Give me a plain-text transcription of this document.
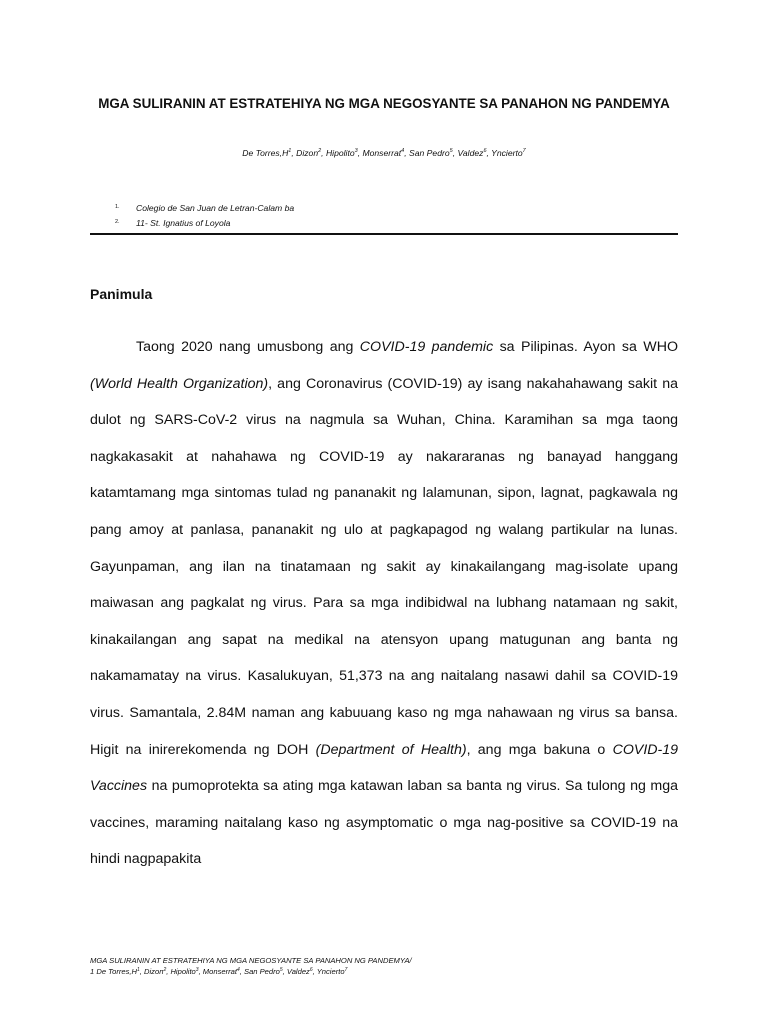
MGA SULIRANIN AT ESTRATEHIYA NG MGA NEGOSYANTE SA PANAHON NG PANDEMYA
De $Torres,H^1$, Dizon$^2$, Hipolito$^3$, Monserrat$^4$, San Pedro$^5$, Valdez$^6$, Yncierto$^7$
1. Colegio de San Juan de Letran-Calam ba
2. 11- St. Ignatius of Loyola
Panimula

Taong 2020 nang umusbong ang COVID-19 pandemic sa Pilipinas. Ayon sa WHO (World Health Organization), ang Coronavirus (COVID-19) ay isang nakahahawang sakit na dulot ng SARS-CoV-2 virus na nagmula sa Wuhan, China. Karamihan sa mga taong nagkakasakit at nahahawa ng COVID-19 ay nakararanas ng banayad hanggang katamtamang mga sintomas tulad ng pananakit ng lalamunan, sipon, lagnat, pagkawala ng pang amoy at panlasa, pananakit ng ulo at pagkapagod ng walang partikular na lunas. Gayunpaman, ang ilan na tinatamaan ng sakit ay kinakailangang mag-isolate upang maiwasan ang pagkalat ng virus. Para sa mga indibidwal na lubhang natamaan ng sakit, kinakailangan ang sapat na medikal na atensyon upang matugunan ang banta ng nakamamatay na virus. Kasalukuyan, 51,373 na ang naitalang nasawi dahil sa COVID-19 virus. Samantala, 2.84M naman ang kabuuang kaso ng mga nahawaan ng virus sa bansa. Higit na inirerekomenda ng DOH (Department of Health), ang mga bakuna o COVID-19 Vaccines na pumoprotekta sa ating mga katawan laban sa banta ng virus. Sa tulong ng mga vaccines, maraming naitalang kaso ng asymptomatic o mga nag-positive sa COVID-19 na hindi nagpapakita

MGA SULIRANIN AT ESTRATEHIYA NG MGA NEGOSYANTE SA PANAHON NG PANDEMYA/
1 De $Torres,H^1$, Dizon$^2$, Hipolito$^3$, Monserrat$^4$, San Pedro$^5$, Valdez$^6$, Yncierto$^7$
